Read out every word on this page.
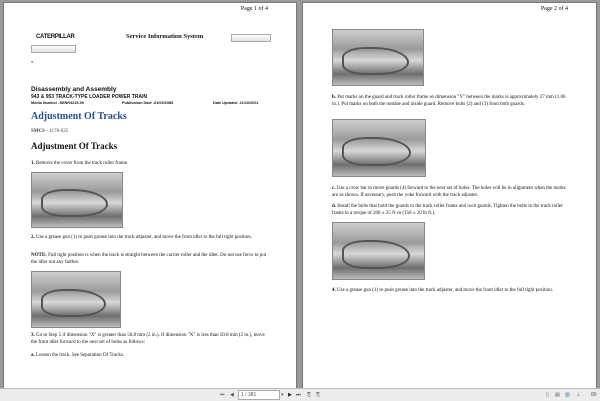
Page 1 of 4
CATERPILLAR	Service Information System
«
Disassembly and Assembly
943 & 953 TRACK-TYPE LOADER POWER TRAIN
Media Number -SENR4215-00	Publication Date -01/03/1985	Date Updated -11/10/2001
Adjustment Of Tracks
SMCS - 4170-025
Adjustment Of Tracks
1. Remove the cover from the track roller frame.
2. Use a grease gun (1) to push grease into the track adjuster, and move the front idler to the full tight position.
NOTE: Full tight position is when the track is straight between the carrier roller and the idler. Do not use force to put the idler out any farther.
3. Go to Step 5 if dimension "X" is greater than 50.8 mm (2 in.). If dimension "X" is less than 50.8 mm (2 in.), move the front idler forward to the next set of holes as follows:
a. Loosen the track. See Separation Of Tracks.
Page 2 of 4
b. Put marks on the guard and track roller frame so dimension "Y" between the marks is approximately 27 mm (1.06 in.). Put marks on both the outside and inside guard. Remove bolts (2) and (3) from both guards.
c. Use a crow bar to move guards (4) forward to the next set of holes. The holes will be in alignment when the marks are as shown. If necessary, push the yoke forward with the track adjuster.
d. Install the bolts that hold the guards to the track roller frame and rock guards. Tighten the bolts in the track roller frame to a torque of 200 ± 25 N·m (150 ± 20 lb ft.).
4. Use a grease gun (1) to push grease into the track adjuster, and move the front idler to the full tight position.
⏮ ◀	1 / 381	▾ ▶ ⏭ ⎘ ⎘	▯ ▤ ▥ ⊥ 89
